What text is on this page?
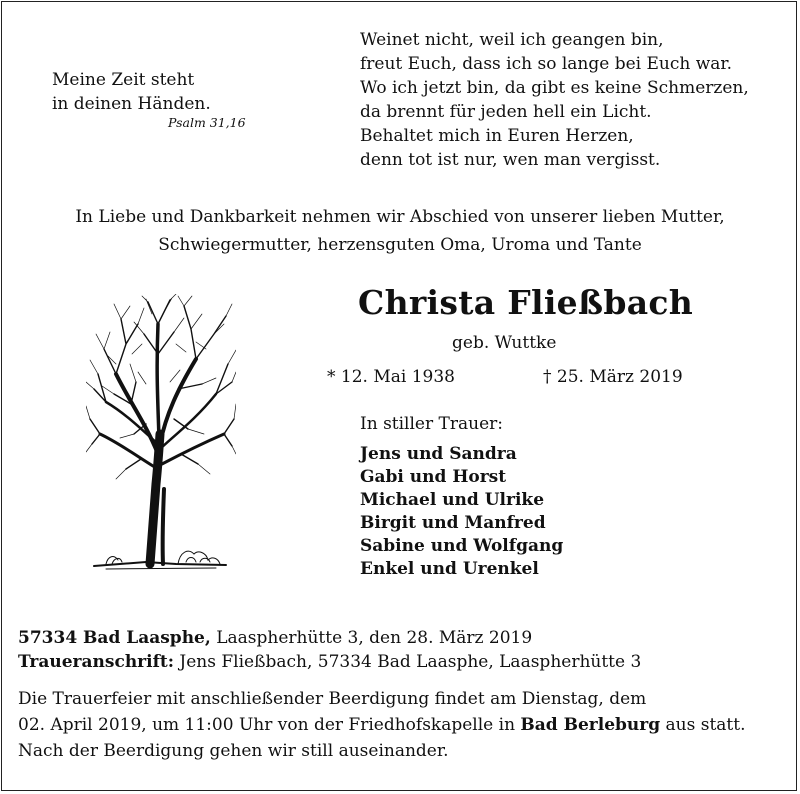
Meine Zeit steht
in deinen Händen.
Psalm 31,16
Weinet nicht, weil ich geangen bin,
freut Euch, dass ich so lange bei Euch war.
Wo ich jetzt bin, da gibt es keine Schmerzen,
da brennt für jeden hell ein Licht.
Behaltet mich in Euren Herzen,
denn tot ist nur, wen man vergisst.
In Liebe und Dankbarkeit nehmen wir Abschied von unserer lieben Mutter,
Schwiegermutter, herzensguten Oma, Uroma und Tante
Christa Fließbach
geb. Wuttke
* 12. Mai 1938	† 25. März 2019
In stiller Trauer:
Jens und Sandra
Gabi und Horst
Michael und Ulrike
Birgit und Manfred
Sabine und Wolfgang
Enkel und Urenkel
57334 Bad Laasphe, Laaspherhütte 3, den 28. März 2019
Traueranschrift: Jens Fließbach, 57334 Bad Laasphe, Laaspherhütte 3
Die Trauerfeier mit anschließender Beerdigung findet am Dienstag, dem
02. April 2019, um 11:00 Uhr von der Friedhofskapelle in Bad Berleburg aus statt.
Nach der Beerdigung gehen wir still auseinander.
